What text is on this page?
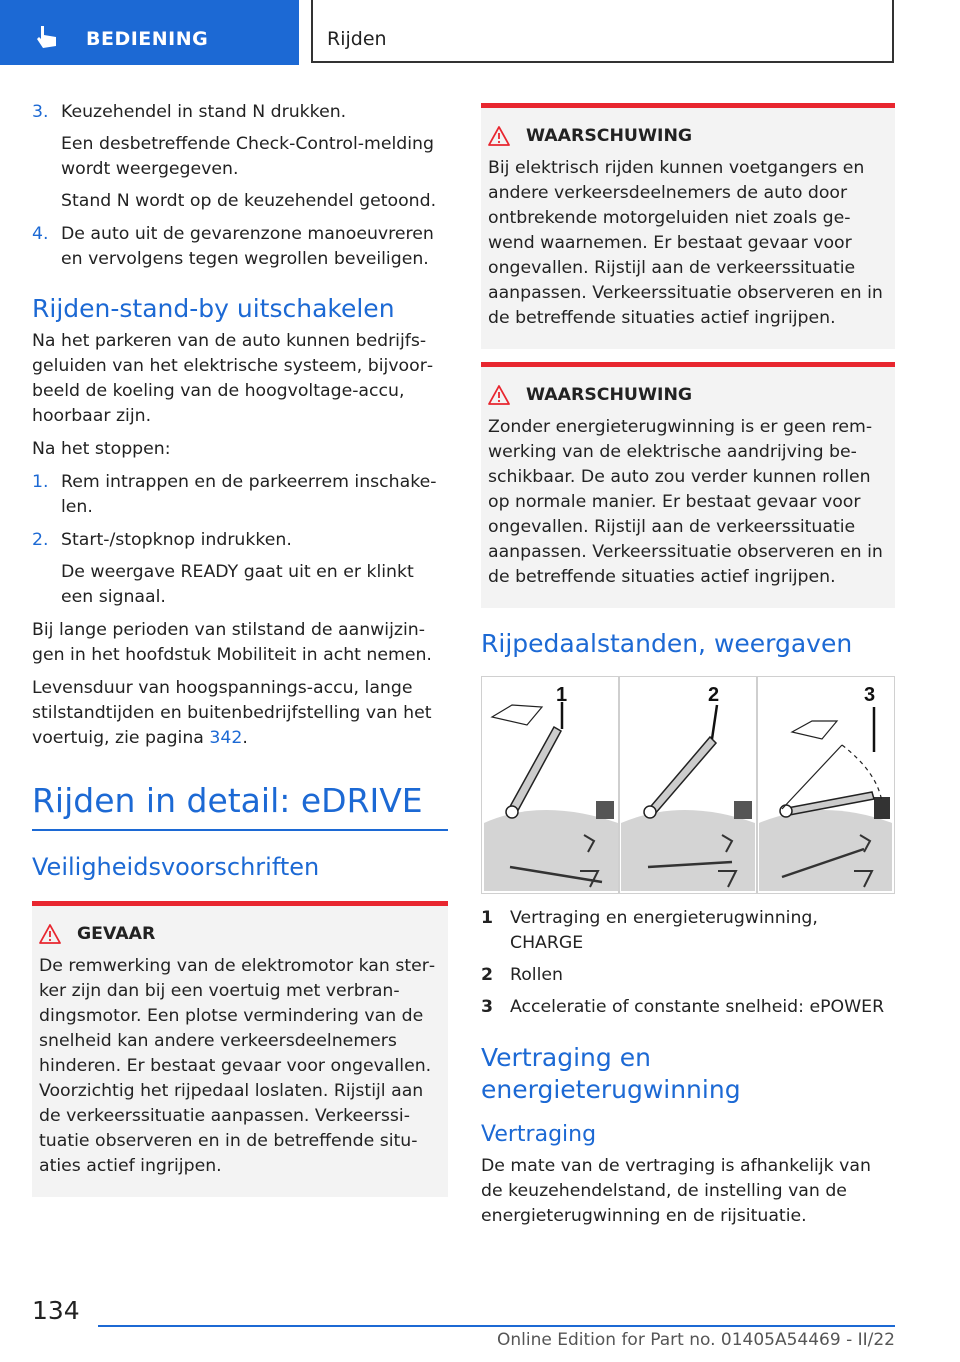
BEDIENING	Rijden
3. Keuzehendel in stand N drukken.

Een desbetreffende Check-Control-melding wordt weergegeven.

Stand N wordt op de keuzehendel getoond.

4. De auto uit de gevarenzone manoeuvreren en vervolgens tegen wegrollen beveiligen.

Rijden-stand-by uitschakelen

Na het parkeren van de auto kunnen bedrijfsgeluiden van het elektrische systeem, bijvoorbeeld de koeling van de hoogvoltage-accu, hoorbaar zijn.

Na het stoppen:

1. Rem intrappen en de parkeerrem inschakelen.

2. Start-/stopknop indrukken.

De weergave READY gaat uit en er klinkt een signaal.

Bij lange perioden van stilstand de aanwijzingen in het hoofdstuk Mobiliteit in acht nemen.

Levensduur van hoogspannings-accu, lange stilstandtijden en buitenbedrijfstelling van het voertuig, zie pagina 342.

Rijden in detail: eDRIVE
Veiligheidsvoorschriften
GEVAAR

De remwerking van de elektromotor kan sterker zijn dan bij een voertuig met verbrandingsmotor. Een plotse vermindering van de snelheid kan andere verkeersdeelnemers hinderen. Er bestaat gevaar voor ongevallen. Voorzichtig het rijpedaal loslaten. Rijstijl aan de verkeerssituatie aanpassen. Verkeerssituatie observeren en in de betreffende situaties actief ingrijpen.

WAARSCHUWING

Bij elektrisch rijden kunnen voetgangers en andere verkeersdeelnemers de auto door ontbrekende motorgeluiden niet zoals gewend waarnemen. Er bestaat gevaar voor ongevallen. Rijstijl aan de verkeerssituatie aanpassen. Verkeerssituatie observeren en in de betreffende situaties actief ingrijpen.

WAARSCHUWING

Zonder energieterugwinning is er geen remwerking van de elektrische aandrijving beschikbaar. De auto zou verder kunnen rollen op normale manier. Er bestaat gevaar voor ongevallen. Rijstijl aan de verkeerssituatie aanpassen. Verkeerssituatie observeren en in de betreffende situaties actief ingrijpen.

Rijpedaalstanden, weergaven
1	2	3
1 Vertraging en energieterugwinning, CHARGE

2 Rollen

3 Acceleratie of constante snelheid: ePOWER

Vertraging en energieterugwinning
Vertraging

De mate van de vertraging is afhankelijk van de keuzehendelstand, de instelling van de energieterugwinning en de rijsituatie.

134
Online Edition for Part no. 01405A54469 - II/22
